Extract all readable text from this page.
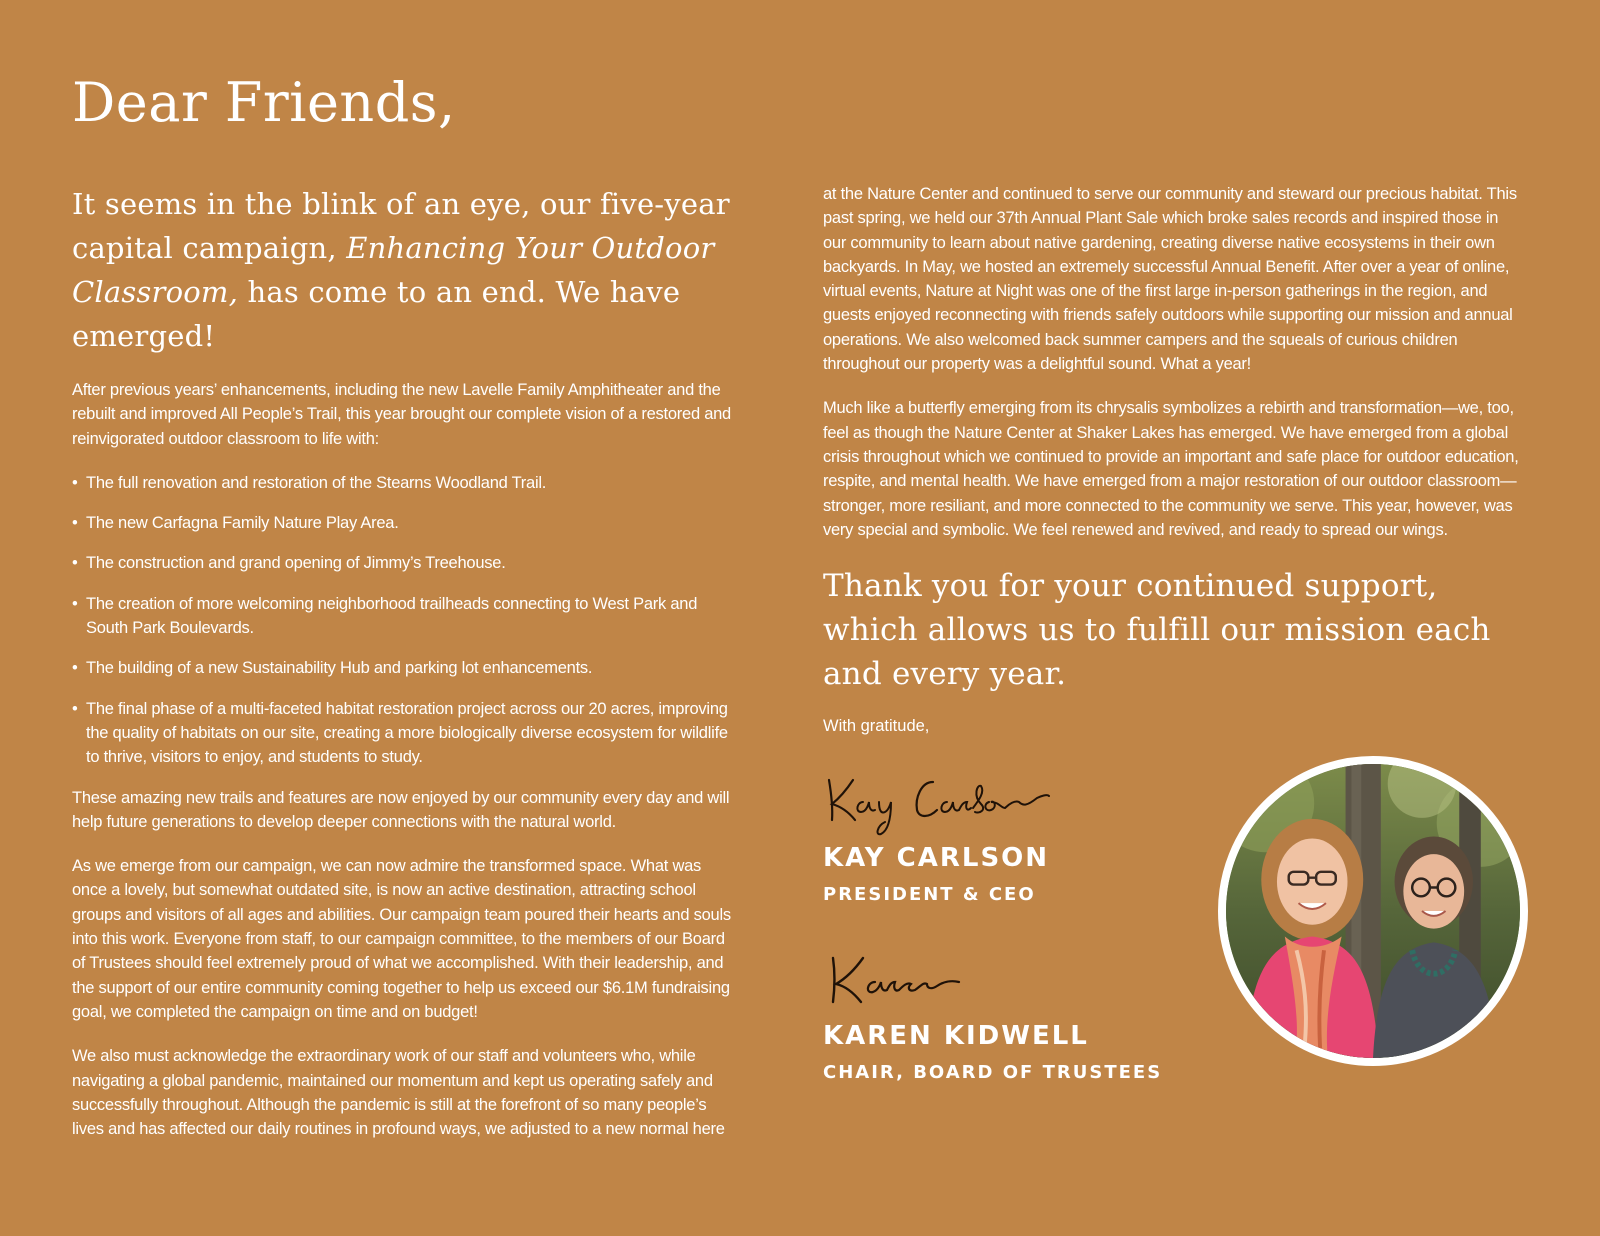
Dear Friends,

It seems in the blink of an eye, our five-year capital campaign, Enhancing Your Outdoor Classroom, has come to an end. We have emerged!

After previous years’ enhancements, including the new Lavelle Family Amphitheater and the rebuilt and improved All People’s Trail, this year brought our complete vision of a restored and reinvigorated outdoor classroom to life with:

• The full renovation and restoration of the Stearns Woodland Trail.
• The new Carfagna Family Nature Play Area.
• The construction and grand opening of Jimmy’s Treehouse.
• The creation of more welcoming neighborhood trailheads connecting to West Park and South Park Boulevards.
• The building of a new Sustainability Hub and parking lot enhancements.
• The final phase of a multi-faceted habitat restoration project across our 20 acres, improving the quality of habitats on our site, creating a more biologically diverse ecosystem for wildlife to thrive, visitors to enjoy, and students to study.

These amazing new trails and features are now enjoyed by our community every day and will help future generations to develop deeper connections with the natural world.

As we emerge from our campaign, we can now admire the transformed space. What was once a lovely, but somewhat outdated site, is now an active destination, attracting school groups and visitors of all ages and abilities. Our campaign team poured their hearts and souls into this work. Everyone from staff, to our campaign committee, to the members of our Board of Trustees should feel extremely proud of what we accomplished. With their leadership, and the support of our entire community coming together to help us exceed our $6.1M fundraising goal, we completed the campaign on time and on budget!

We also must acknowledge the extraordinary work of our staff and volunteers who, while navigating a global pandemic, maintained our momentum and kept us operating safely and successfully throughout. Although the pandemic is still at the forefront of so many people’s lives and has affected our daily routines in profound ways, we adjusted to a new normal here

at the Nature Center and continued to serve our community and steward our precious habitat. This past spring, we held our 37th Annual Plant Sale which broke sales records and inspired those in our community to learn about native gardening, creating diverse native ecosystems in their own backyards. In May, we hosted an extremely successful Annual Benefit. After over a year of online, virtual events, Nature at Night was one of the first large in-person gatherings in the region, and guests enjoyed reconnecting with friends safely outdoors while supporting our mission and annual operations. We also welcomed back summer campers and the squeals of curious children throughout our property was a delightful sound. What a year!

Much like a butterfly emerging from its chrysalis symbolizes a rebirth and transformation—we, too, feel as though the Nature Center at Shaker Lakes has emerged. We have emerged from a global crisis throughout which we continued to provide an important and safe place for outdoor education, respite, and mental health. We have emerged from a major restoration of our outdoor classroom—stronger, more resiliant, and more connected to the community we serve. This year, however, was very special and symbolic. We feel renewed and revived, and ready to spread our wings.

Thank you for your continued support, which allows us to fulfill our mission each and every year.

With gratitude,

KAY CARLSON

PRESIDENT & CEO

KAREN KIDWELL

CHAIR, BOARD OF TRUSTEES
